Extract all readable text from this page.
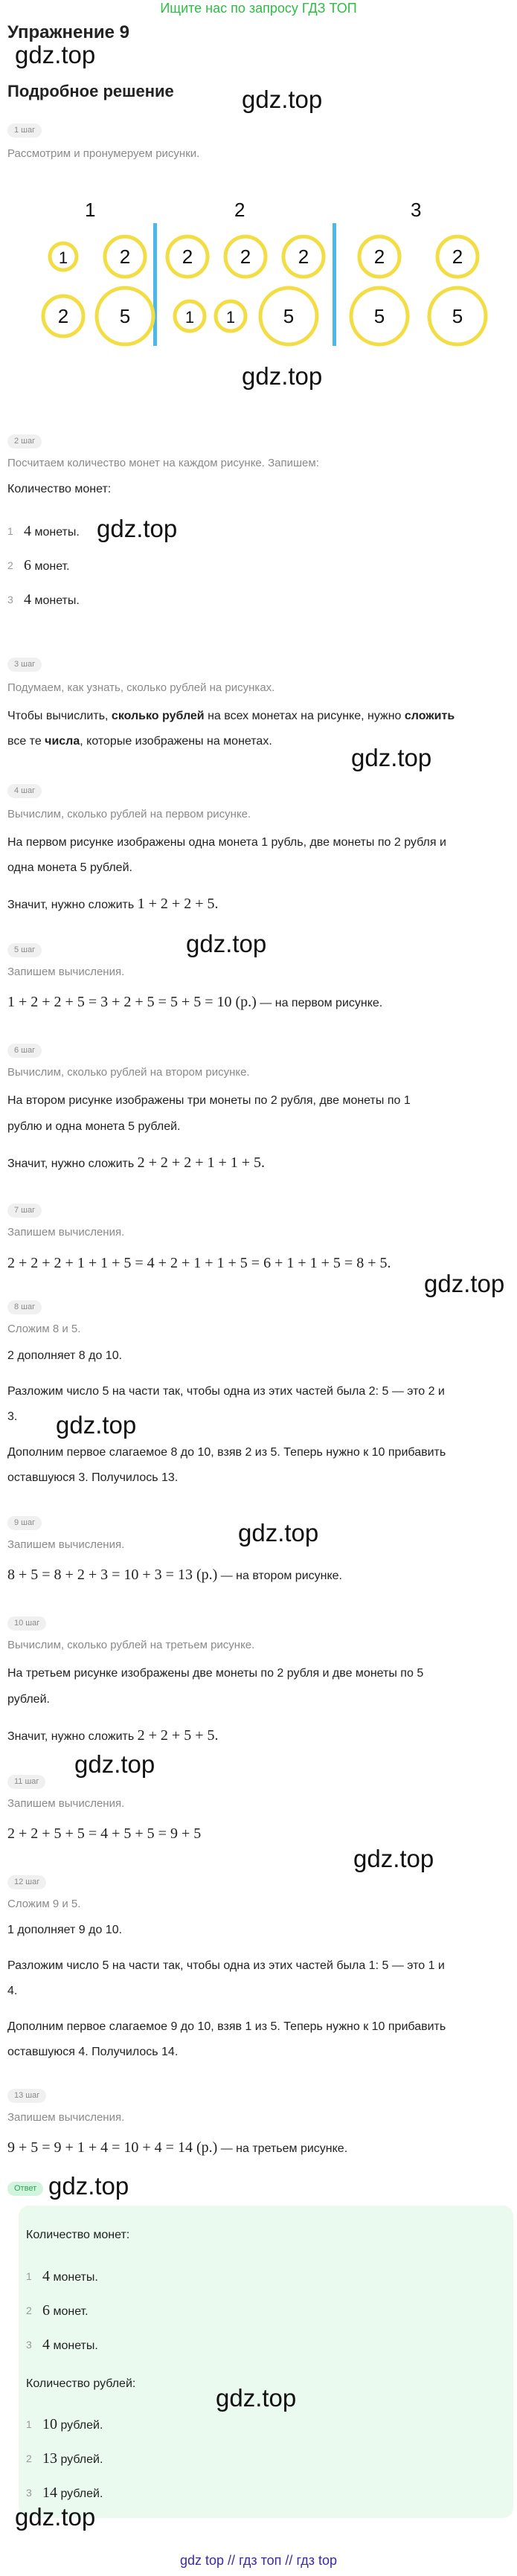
Ищите нас по запросу ГДЗ ТОП
Упражнение 9
gdz.top
Подробное решение	gdz.top
1 шаг
Рассмотрим и пронумеруем рисунки.
1	2	3
1	2
2	5
2 2 2
1 1 5
2	2
5	5
gdz.top
2 шаг
Посчитаем количество монет на каждом рисунке. Запишем:
Количество монет:
1 4 монеты.
2 6 монет.
3 4 монеты.
gdz.top
3 шаг
Подумаем, как узнать, сколько рублей на рисунках.
Чтобы вычислить, сколько рублей на всех монетах на рисунке, нужно сложить
все те числа, которые изображены на монетах.
gdz.top
4 шаг
Вычислим, сколько рублей на первом рисунке.
На первом рисунке изображены одна монета 1 рубль, две монеты по 2 рубля и
одна монета 5 рублей.
Значит, нужно сложить 1 + 2 + 2 + 5.
gdz.top
5 шаг
Запишем вычисления.
1 + 2 + 2 + 5 = 3 + 2 + 5 = 5 + 5 = 10 (р.) — на первом рисунке.
6 шаг
Вычислим, сколько рублей на втором рисунке.
На втором рисунке изображены три монеты по 2 рубля, две монеты по 1
рублю и одна монета 5 рублей.
Значит, нужно сложить 2 + 2 + 2 + 1 + 1 + 5.
7 шаг
Запишем вычисления.
2 + 2 + 2 + 1 + 1 + 5 = 4 + 2 + 1 + 1 + 5 = 6 + 1 + 1 + 5 = 8 + 5.
gdz.top
8 шаг
Сложим 8 и 5.
2 дополняет 8 до 10.
Разложим число 5 на части так, чтобы одна из этих частей была 2: 5 — это 2 и
3. gdz.top
Дополним первое слагаемое 8 до 10, взяв 2 из 5. Теперь нужно к 10 прибавить
оставшуюся 3. Получилось 13.
gdz.top
9 шаг
Запишем вычисления.
8 + 5 = 8 + 2 + 3 = 10 + 3 = 13 (р.) — на втором рисунке.
10 шаг
Вычислим, сколько рублей на третьем рисунке.
На третьем рисунке изображены две монеты по 2 рубля и две монеты по 5
рублей.
Значит, нужно сложить 2 + 2 + 5 + 5.
gdz.top
11 шаг
Запишем вычисления.
2 + 2 + 5 + 5 = 4 + 5 + 5 = 9 + 5
gdz.top
12 шаг
Сложим 9 и 5.
1 дополняет 9 до 10.
Разложим число 5 на части так, чтобы одна из этих частей была 1: 5 — это 1 и
4.
Дополним первое слагаемое 9 до 10, взяв 1 из 5. Теперь нужно к 10 прибавить
оставшуюся 4. Получилось 14.
13 шаг
Запишем вычисления.
9 + 5 = 9 + 1 + 4 = 10 + 4 = 14 (р.) — на третьем рисунке.
Ответ gdz.top
Количество монет:
1 4 монеты.
2 6 монет.
3 4 монеты.
Количество рублей:
gdz.top
1 10 рублей.
2 13 рублей.
3 14 рублей.
gdz.top
gdz top // гдз топ // гдз top
